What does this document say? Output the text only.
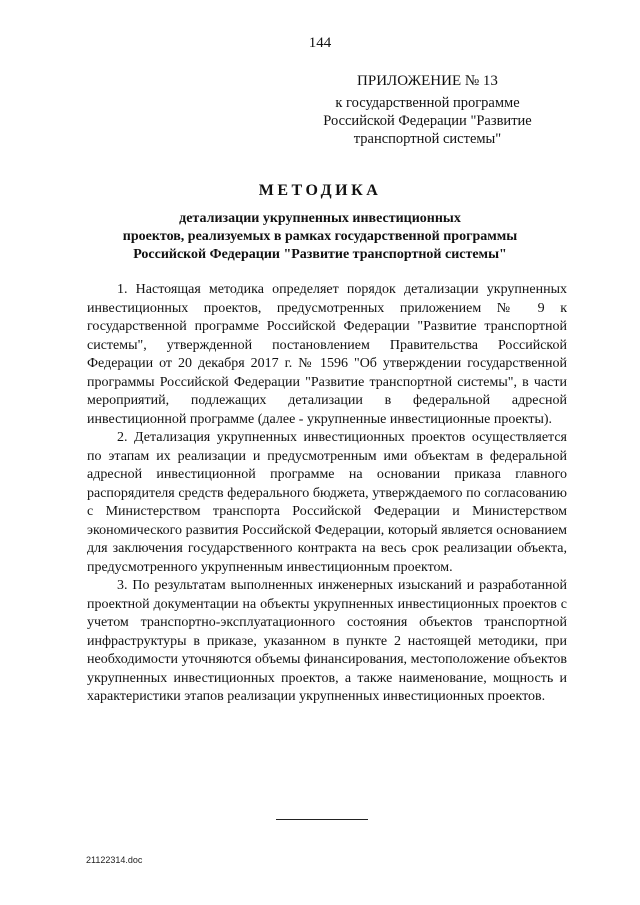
144
ПРИЛОЖЕНИЕ № 13
к государственной программе
Российской Федерации "Развитие
транспортной системы"
МЕТОДИКА
детализации укрупненных инвестиционных
проектов, реализуемых в рамках государственной программы
Российской Федерации "Развитие транспортной системы"

1. Настоящая методика определяет порядок детализации укрупненных инвестиционных проектов, предусмотренных приложением № 9 к государственной программе Российской Федерации "Развитие транспортной системы", утвержденной постановлением Правительства Российской Федерации от 20 декабря 2017 г. № 1596 "Об утверждении государственной программы Российской Федерации "Развитие транспортной системы", в части мероприятий, подлежащих детализации в федеральной адресной инвестиционной программе (далее - укрупненные инвестиционные проекты).

2. Детализация укрупненных инвестиционных проектов осуществляется по этапам их реализации и предусмотренным ими объектам в федеральной адресной инвестиционной программе на основании приказа главного распорядителя средств федерального бюджета, утверждаемого по согласованию с Министерством транспорта Российской Федерации и Министерством экономического развития Российской Федерации, который является основанием для заключения государственного контракта на весь срок реализации объекта, предусмотренного укрупненным инвестиционным проектом.

3. По результатам выполненных инженерных изысканий и разработанной проектной документации на объекты укрупненных инвестиционных проектов с учетом транспортно-эксплуатационного состояния объектов транспортной инфраструктуры в приказе, указанном в пункте 2 настоящей методики, при необходимости уточняются объемы финансирования, местоположение объектов укрупненных инвестиционных проектов, а также наименование, мощность и характеристики этапов реализации укрупненных инвестиционных проектов.

21122314.doc
